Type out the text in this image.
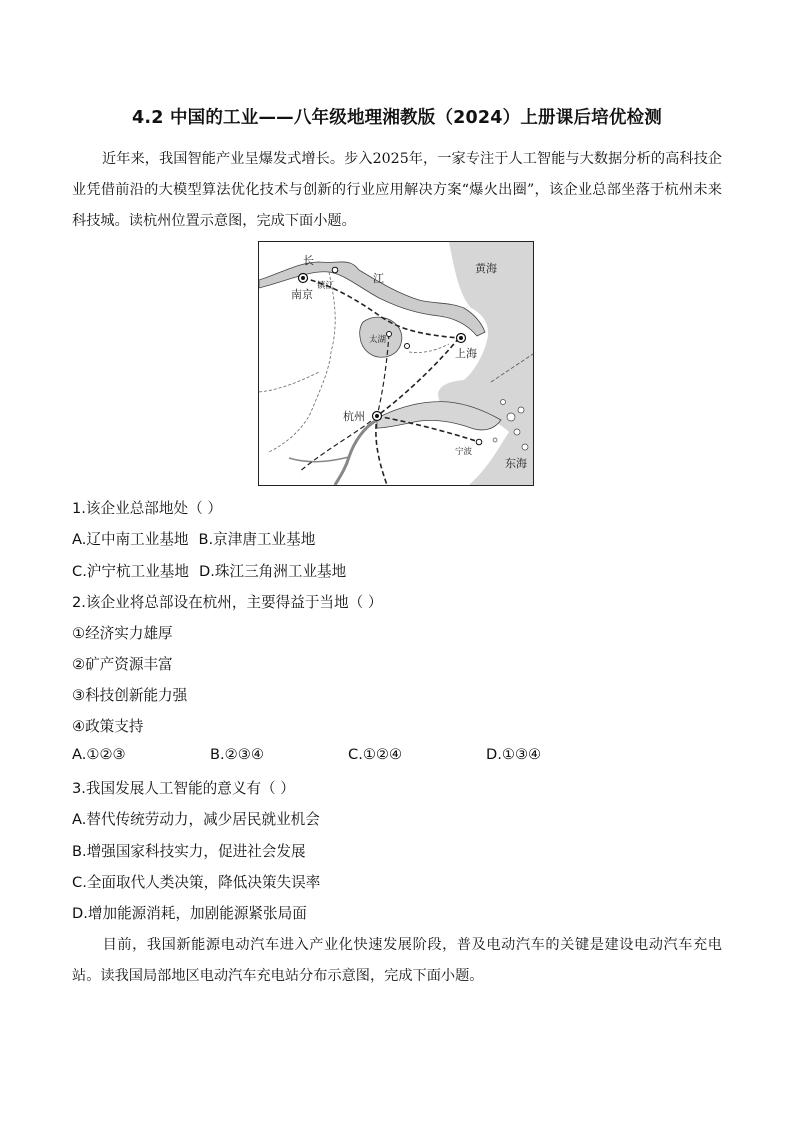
4.2 中国的工业——八年级地理湘教版（2024）上册课后培优检测
近年来，我国智能产业呈爆发式增长。步入2025年，一家专注于人工智能与大数据分析的高科技企业凭借前沿的大模型算法优化技术与创新的行业应用解决方案“爆火出圈”，该企业总部坐落于杭州未来科技城。读杭州位置示意图，完成下面小题。
黄海
东海
南京
镇江
长
江
太湖
上海
杭州
宁波
1.该企业总部地处（ ）
A.辽中南工业基地 B.京津唐工业基地
C.沪宁杭工业基地 D.珠江三角洲工业基地
2.该企业将总部设在杭州，主要得益于当地（ ）
①经济实力雄厚
②矿产资源丰富
③科技创新能力强
④政策支持
A.①②③	B.②③④	C.①②④	D.①③④
3.我国发展人工智能的意义有（ ）
A.替代传统劳动力，减少居民就业机会
B.增强国家科技实力，促进社会发展
C.全面取代人类决策，降低决策失误率
D.增加能源消耗，加剧能源紧张局面
目前，我国新能源电动汽车进入产业化快速发展阶段，普及电动汽车的关键是建设电动汽车充电站。读我国局部地区电动汽车充电站分布示意图，完成下面小题。
